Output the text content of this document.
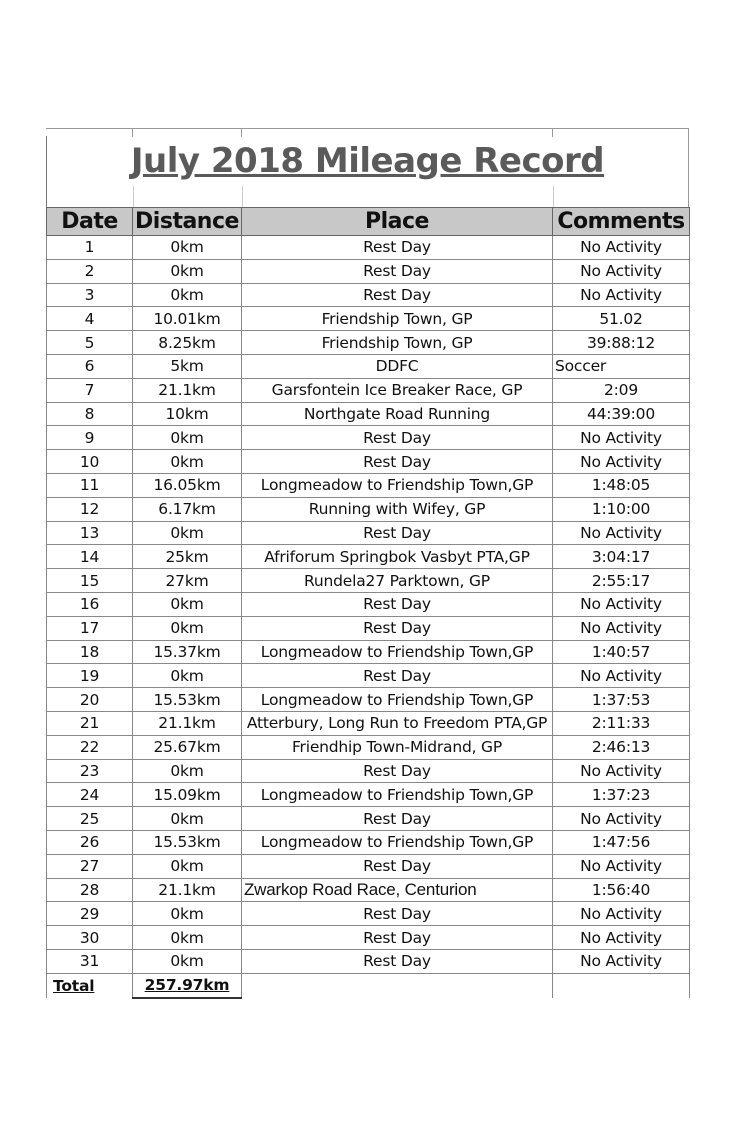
July 2018 Mileage Record
Date	Distance	Place	Comments
1	0km	Rest Day	No Activity
2	0km	Rest Day	No Activity
3	0km	Rest Day	No Activity
4	10.01km	Friendship Town, GP	51.02
5	8.25km	Friendship Town, GP	39:88:12
6	5km	DDFC	Soccer
7	21.1km	Garsfontein Ice Breaker Race, GP	2:09
8	10km	Northgate Road Running	44:39:00
9	0km	Rest Day	No Activity
10	0km	Rest Day	No Activity
11	16.05km	Longmeadow to Friendship Town,GP	1:48:05
12	6.17km	Running with Wifey, GP	1:10:00
13	0km	Rest Day	No Activity
14	25km	Afriforum Springbok Vasbyt PTA,GP	3:04:17
15	27km	Rundela27 Parktown, GP	2:55:17
16	0km	Rest Day	No Activity
17	0km	Rest Day	No Activity
18	15.37km	Longmeadow to Friendship Town,GP	1:40:57
19	0km	Rest Day	No Activity
20	15.53km	Longmeadow to Friendship Town,GP	1:37:53
21	21.1km	Atterbury, Long Run to Freedom PTA,GP	2:11:33
22	25.67km	Friendhip Town-Midrand, GP	2:46:13
23	0km	Rest Day	No Activity
24	15.09km	Longmeadow to Friendship Town,GP	1:37:23
25	0km	Rest Day	No Activity
26	15.53km	Longmeadow to Friendship Town,GP	1:47:56
27	0km	Rest Day	No Activity
28	21.1km	Zwarkop Road Race, Centurion	1:56:40
29	0km	Rest Day	No Activity
30	0km	Rest Day	No Activity
31	0km	Rest Day	No Activity
Total	257.97km		
